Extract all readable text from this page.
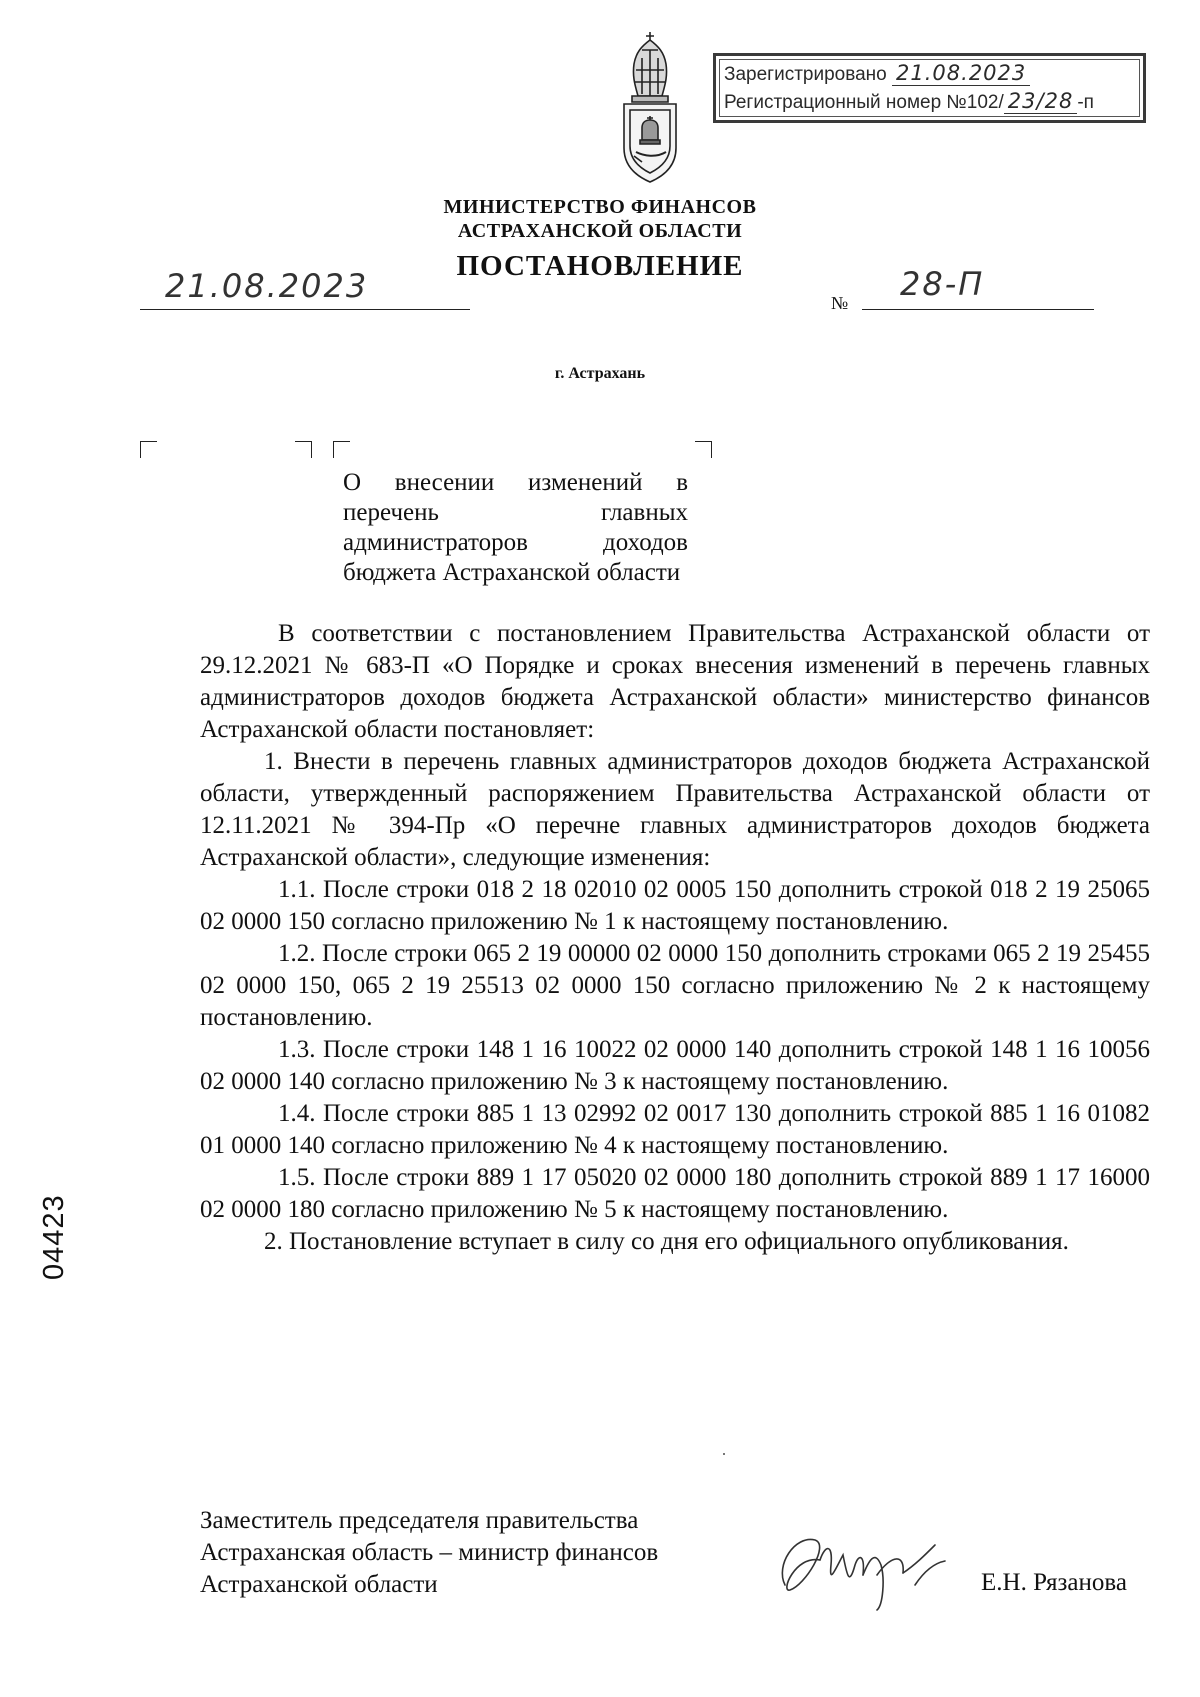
Зарегистрировано 21.08.2023
Регистрационный номер №102/ 23/28 -п
МИНИСТЕРСТВО ФИНАНСОВ
АСТРАХАНСКОЙ ОБЛАСТИ
ПОСТАНОВЛЕНИЕ
21.08.2023	№ 28-П
г. Астрахань
О внесении изменений в перечень главных администраторов доходов бюджета Астраханской области

В соответствии с постановлением Правительства Астраханской области от 29.12.2021 № 683-П «О Порядке и сроках внесения изменений в перечень главных администраторов доходов бюджета Астраханской области» министерство финансов Астраханской области постановляет:

1. Внести в перечень главных администраторов доходов бюджета Астраханской области, утвержденный распоряжением Правительства Астраханской области от 12.11.2021 № 394-Пр «О перечне главных администраторов доходов бюджета Астраханской области», следующие изменения:

1.1. После строки 018 2 18 02010 02 0005 150 дополнить строкой 018 2 19 25065 02 0000 150 согласно приложению № 1 к настоящему постановлению.

1.2. После строки 065 2 19 00000 02 0000 150 дополнить строками 065 2 19 25455 02 0000 150, 065 2 19 25513 02 0000 150 согласно приложению № 2 к настоящему постановлению.

1.3. После строки 148 1 16 10022 02 0000 140 дополнить строкой 148 1 16 10056 02 0000 140 согласно приложению № 3 к настоящему постановлению.

1.4. После строки 885 1 13 02992 02 0017 130 дополнить строкой 885 1 16 01082 01 0000 140 согласно приложению № 4 к настоящему постановлению.

1.5. После строки 889 1 17 05020 02 0000 180 дополнить строкой 889 1 17 16000 02 0000 180 согласно приложению № 5 к настоящему постановлению.

2. Постановление вступает в силу со дня его официального опубликования.

Заместитель председателя правительства
Астраханская область – министр финансов
Астраханской области	Е.Н. Рязанова
04423
